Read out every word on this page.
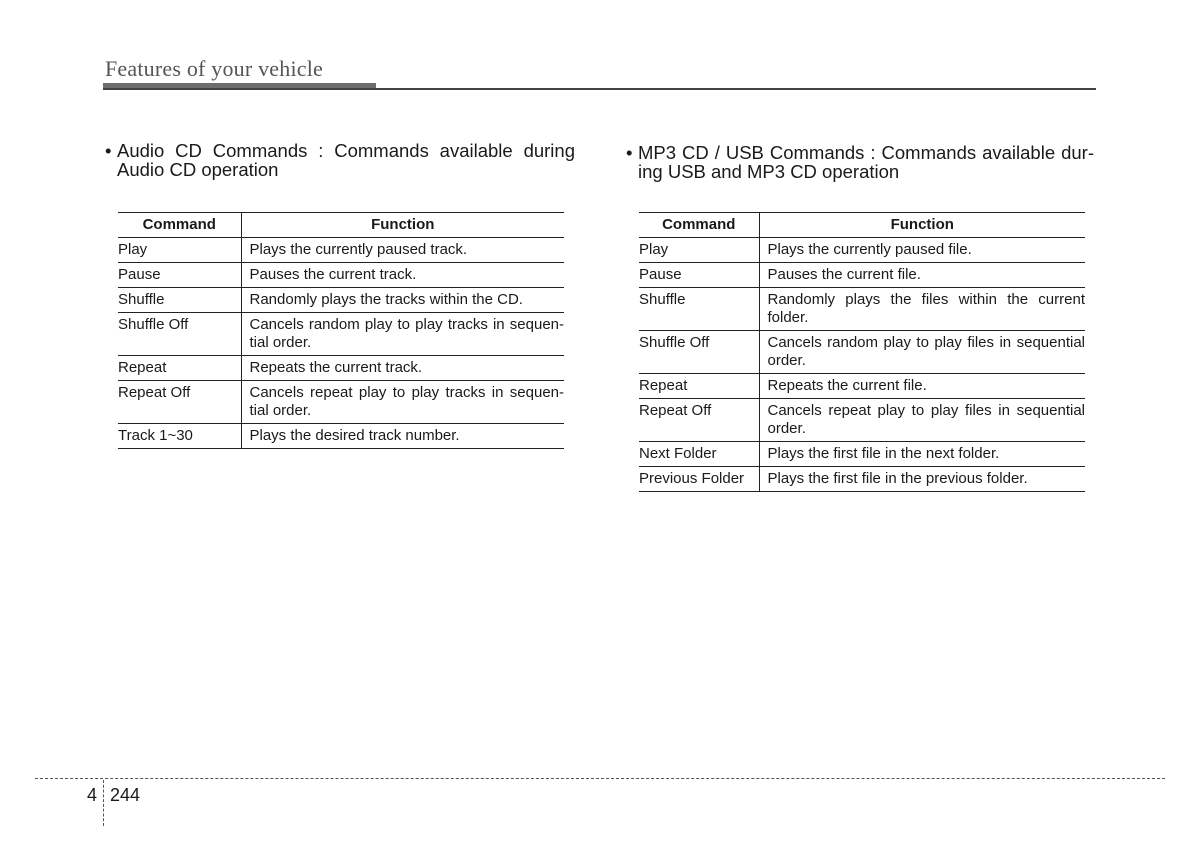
Features of your vehicle
• Audio CD Commands : Commands available during Audio CD operation
Command	Function
Play	Plays the currently paused track.
Pause	Pauses the current track.
Shuffle	Randomly plays the tracks within the CD.
Shuffle Off	Cancels random play to play tracks in sequen-tial order.
Repeat	Repeats the current track.
Repeat Off	Cancels repeat play to play tracks in sequen-tial order.
Track 1~30	Plays the desired track number.
• MP3 CD / USB Commands : Commands available dur-ing USB and MP3 CD operation
Command	Function
Play	Plays the currently paused file.
Pause	Pauses the current file.
Shuffle	Randomly plays the files within the current folder.
Shuffle Off	Cancels random play to play files in sequential order.
Repeat	Repeats the current file.
Repeat Off	Cancels repeat play to play files in sequential order.
Next Folder	Plays the first file in the next folder.
Previous Folder	Plays the first file in the previous folder.
4 244
